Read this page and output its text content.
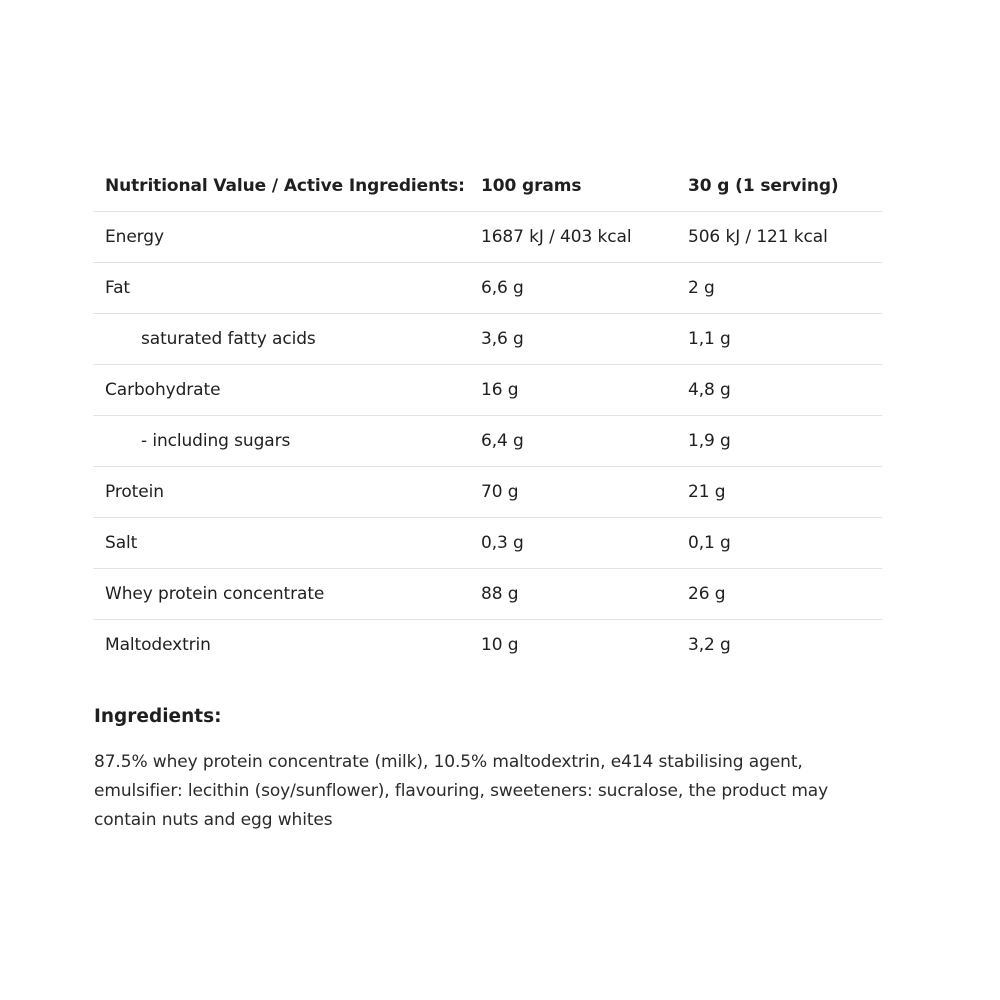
Nutritional Value / Active Ingredients: 100 grams	30 g (1 serving)
Energy	1687 kJ / 403 kcal	506 kJ / 121 kcal
Fat	6,6 g	2 g
saturated fatty acids	3,6 g	1,1 g
Carbohydrate	16 g	4,8 g
- including sugars	6,4 g	1,9 g
Protein	70 g	21 g
Salt	0,3 g	0,1 g
Whey protein concentrate	88 g	26 g
Maltodextrin	10 g	3,2 g
Ingredients:

87.5% whey protein concentrate (milk), 10.5% maltodextrin, e414 stabilising agent, emulsifier: lecithin (soy/sunflower), flavouring, sweeteners: sucralose, the product may contain nuts and egg whites
